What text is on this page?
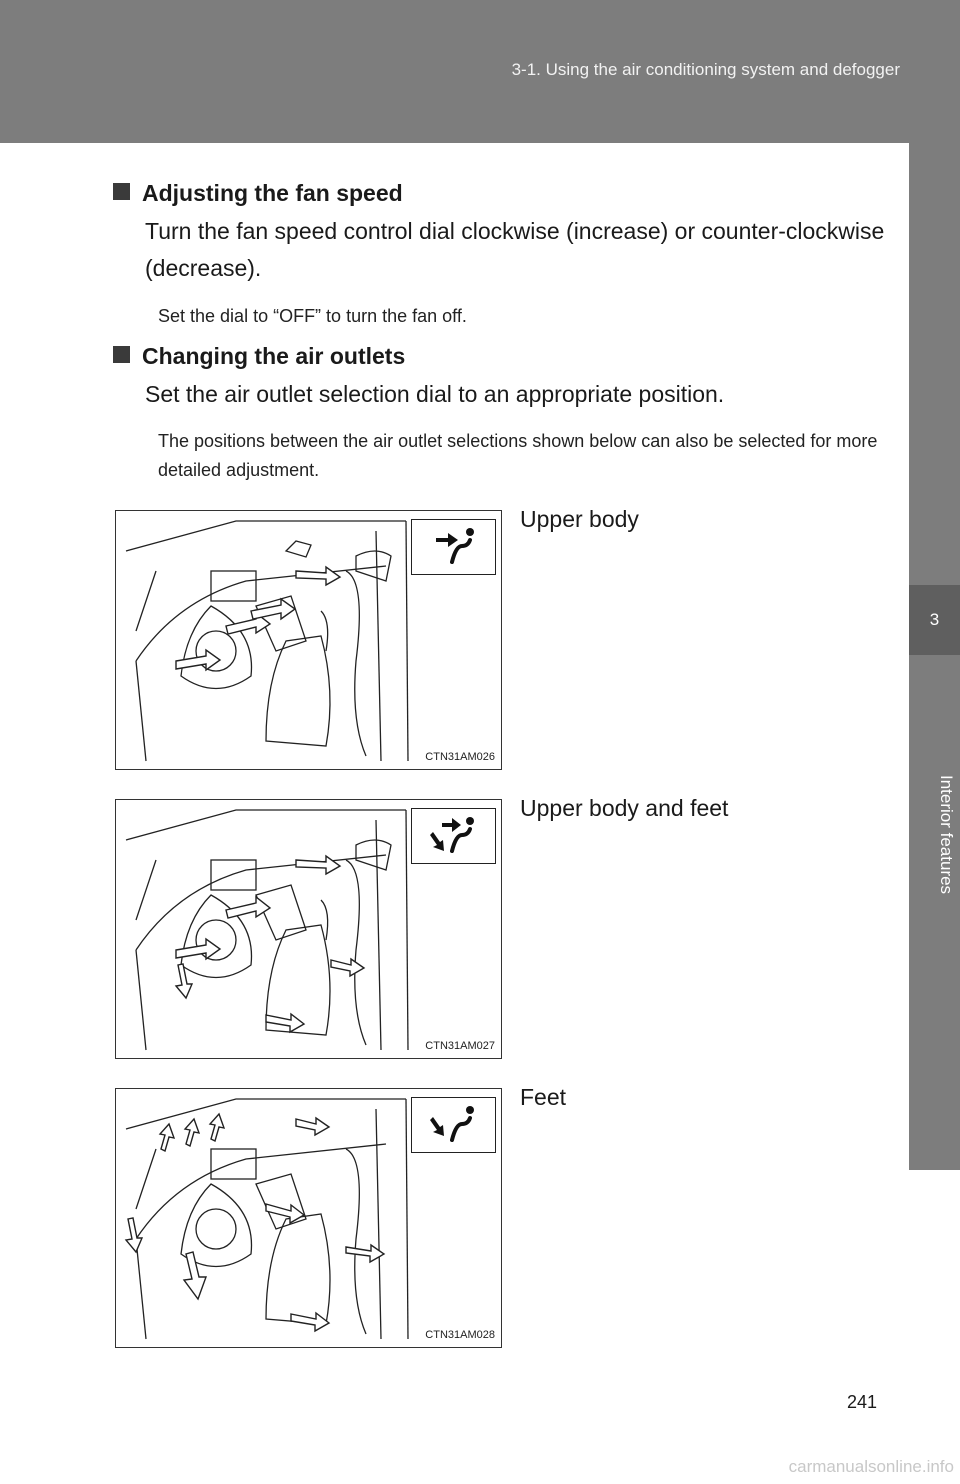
3-1. Using the air conditioning system and defogger
3
Interior features
Adjusting the fan speed
Turn the fan speed control dial clockwise (increase) or counter-clockwise (decrease).
Set the dial to “OFF” to turn the fan off.
Changing the air outlets
Set the air outlet selection dial to an appropriate position.
The positions between the air outlet selections shown below can also be selected for more detailed adjustment.
CTN31AM026
Upper body
CTN31AM027
Upper body and feet
CTN31AM028
Feet
241
carmanualsonline.info
